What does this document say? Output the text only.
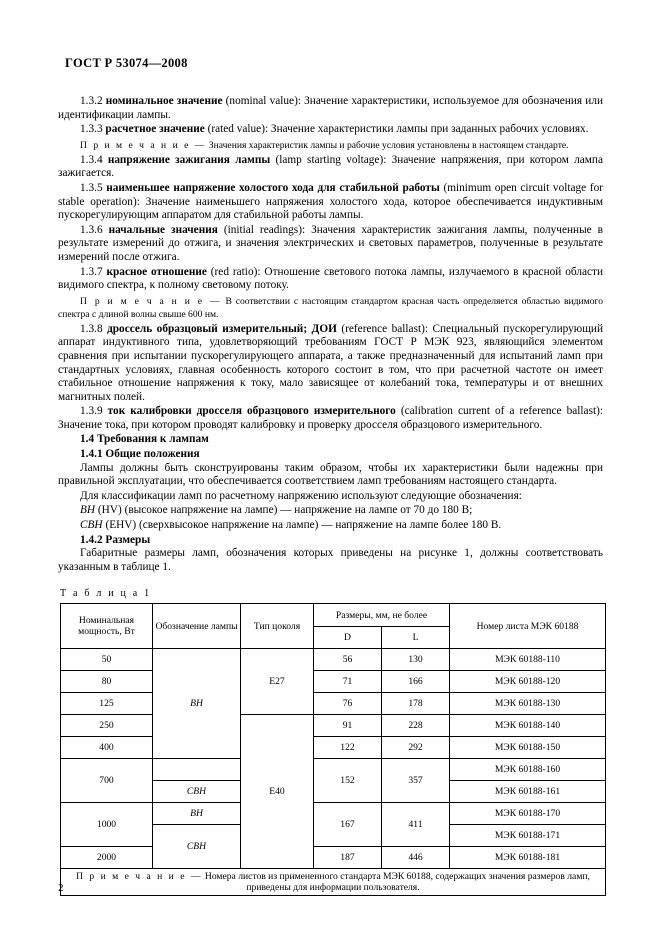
ГОСТ Р 53074—2008

1.3.2 номинальное значение (nominal value): Значение характеристики, используемое для обозначения или идентификации лампы.

1.3.3 расчетное значение (rated value): Значение характеристики лампы при заданных рабочих условиях.

П р и м е ч а н и е — Значения характеристик лампы и рабочие условия установлены в настоящем стандарте.

1.3.4 напряжение зажигания лампы (lamp starting voltage): Значение напряжения, при котором лампа зажигается.

1.3.5 наименьшее напряжение холостого хода для стабильной работы (minimum open circuit voltage for stable operation): Значение наименьшего напряжения холостого хода, которое обеспечивается индуктивным пускорегулирующим аппаратом для стабильной работы лампы.

1.3.6 начальные значения (initial readings): Значения характеристик зажигания лампы, полученные в результате измерений до отжига, и значения электрических и световых параметров, полученные в результате измерений после отжига.

1.3.7 красное отношение (red ratio): Отношение светового потока лампы, излучаемого в красной области видимого спектра, к полному световому потоку.

П р и м е ч а н и е — В соответствии с настоящим стандартом красная часть определяется областью видимого спектра с длиной волны свыше 600 нм.

1.3.8 дроссель образцовый измерительный; ДОИ (reference ballast): Специальный пускорегулирующий аппарат индуктивного типа, удовлетворяющий требованиям ГОСТ Р МЭК 923, являющийся элементом сравнения при испытании пускорегулирующего аппарата, а также предназначенный для испытаний ламп при стандартных условиях, главная особенность которого состоит в том, что при расчетной частоте он имеет стабильное отношение напряжения к току, мало зависящее от колебаний тока, температуры и от внешних магнитных полей.

1.3.9 ток калибровки дросселя образцового измерительного (calibration current of a reference ballast): Значение тока, при котором проводят калибровку и проверку дросселя образцового измерительного.

1.4 Требования к лампам

1.4.1 Общие положения

Лампы должны быть сконструированы таким образом, чтобы их характеристики были надежны при правильной эксплуатации, что обеспечивается соответствием ламп требованиям настоящего стандарта.

Для классификации ламп по расчетному напряжению используют следующие обозначения:

ВН (HV) (высокое напряжение на лампе) — напряжение на лампе от 70 до 180 В;

СВН (EHV) (сверхвысокое напряжение на лампе) — напряжение на лампе более 180 В.

1.4.2 Размеры

Габаритные размеры ламп, обозначения которых приведены на рисунке 1, должны соответствовать указанным в таблице 1.

Т а б л и ц а 1
Номинальная мощность, Вт	Обозначение лампы	Тип цоколя	Размеры, мм, не более		Номер листа МЭК 60188
			D	L	
50	ВН	E27	56	130	МЭК 60188-110
80			71	166	МЭК 60188-120
125			76	178	МЭК 60188-130
250		E40	91	228	МЭК 60188-140
400			122	292	МЭК 60188-150
700			152	357	МЭК 60188-160
	СВН				МЭК 60188-161
1000	ВН		167	411	МЭК 60188-170
	СВН				МЭК 60188-171
2000			187	446	МЭК 60188-181
П р и м е ч а н и е — Номера листов из примененного стандарта МЭК 60188, содержащих значения размеров ламп, приведены для информации пользователя.					
2
